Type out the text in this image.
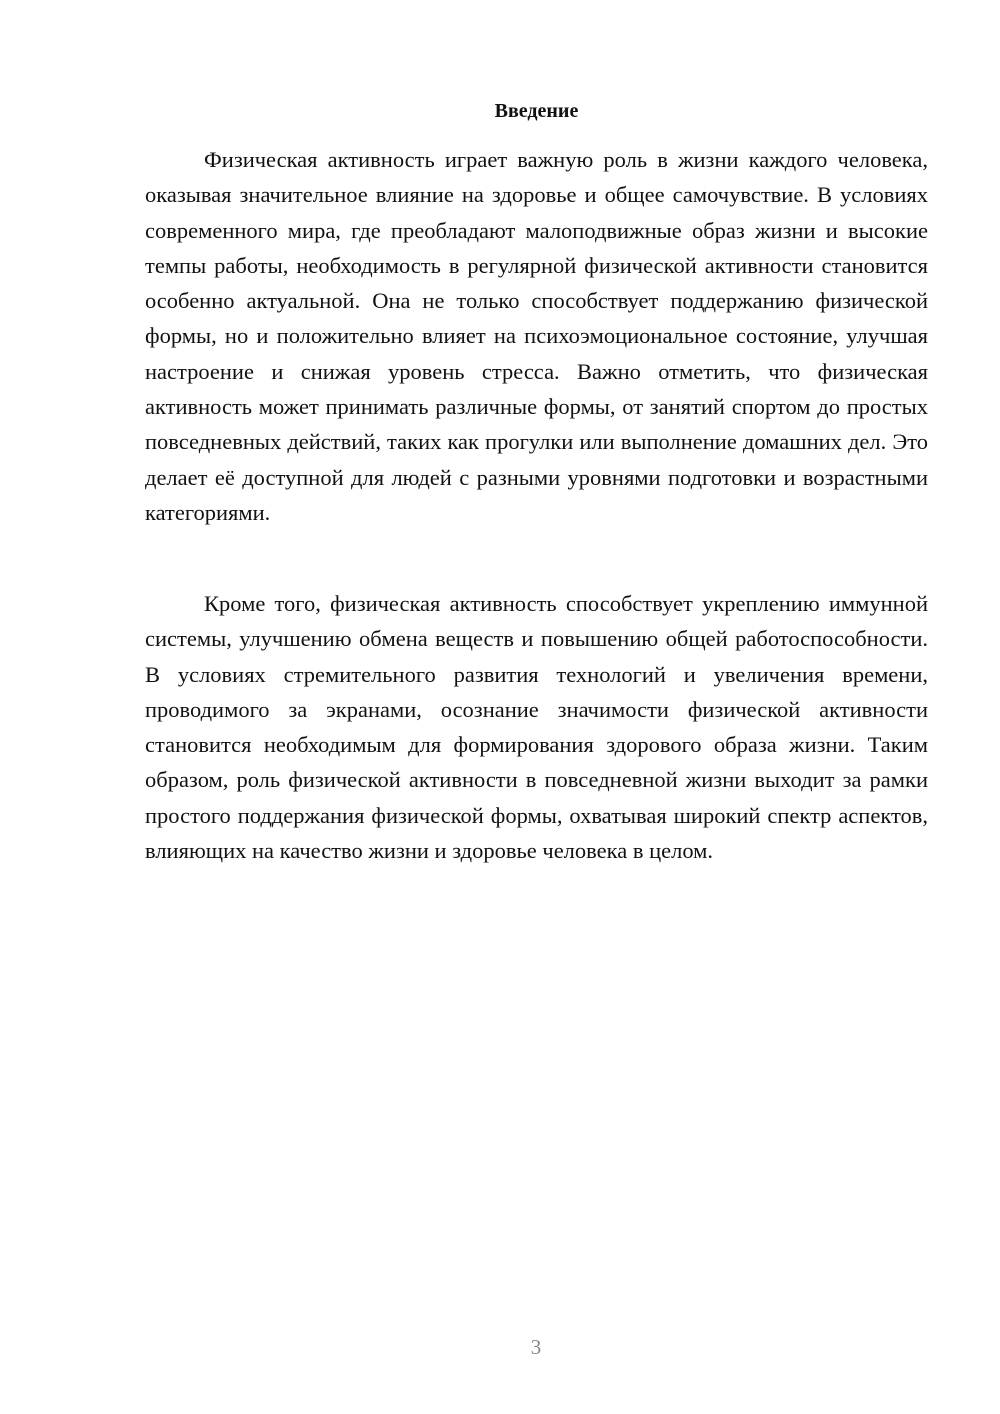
Введение

Физическая активность играет важную роль в жизни каждого человека, оказывая значительное влияние на здоровье и общее самочувствие. В условиях современного мира, где преобладают малоподвижные образ жизни и высокие темпы работы, необходимость в регулярной физической активности становится особенно актуальной. Она не только способствует поддержанию физической формы, но и положительно влияет на психоэмоциональное состояние, улучшая настроение и снижая уровень стресса. Важно отметить, что физическая активность может принимать различные формы, от занятий спортом до простых повседневных действий, таких как прогулки или выполнение домашних дел. Это делает её доступной для людей с разными уровнями подготовки и возрастными категориями.

Кроме того, физическая активность способствует укреплению иммунной системы, улучшению обмена веществ и повышению общей работоспособности. В условиях стремительного развития технологий и увеличения времени, проводимого за экранами, осознание значимости физической активности становится необходимым для формирования здорового образа жизни. Таким образом, роль физической активности в повседневной жизни выходит за рамки простого поддержания физической формы, охватывая широкий спектр аспектов, влияющих на качество жизни и здоровье человека в целом.

3
